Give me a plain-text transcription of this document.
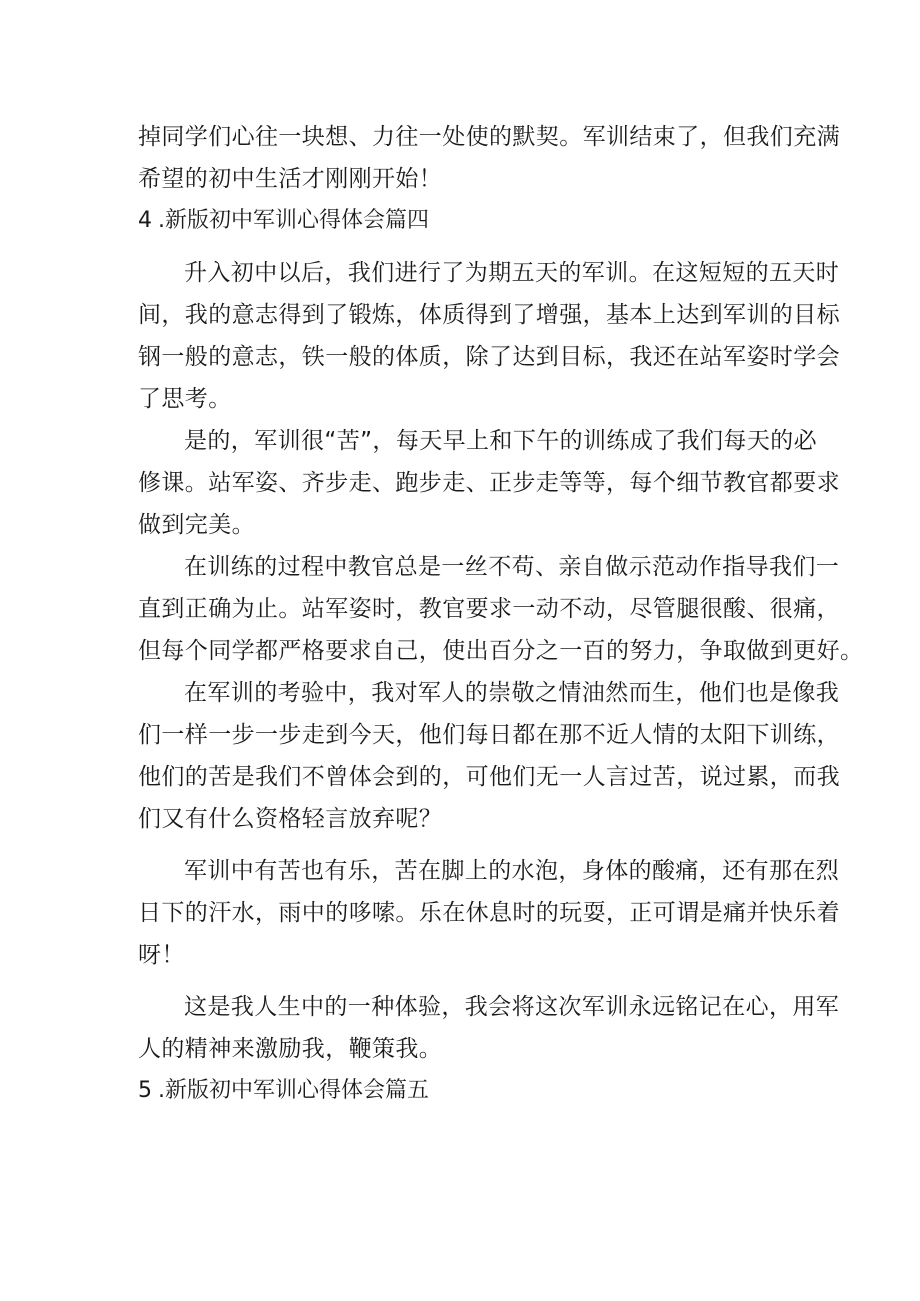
掉同学们心往一块想、力往一处使的默契。军训结束了，但我们充满

希望的初中生活才刚刚开始！

4 .新版初中军训心得体会篇四

升入初中以后，我们进行了为期五天的军训。在这短短的五天时

间，我的意志得到了锻炼，体质得到了增强，基本上达到军训的目标

钢一般的意志，铁一般的体质，除了达到目标，我还在站军姿时学会

了思考。

是的，军训很“苦”，每天早上和下午的训练成了我们每天的必

修课。站军姿、齐步走、跑步走、正步走等等，每个细节教官都要求

做到完美。

在训练的过程中教官总是一丝不苟、亲自做示范动作指导我们一

直到正确为止。站军姿时，教官要求一动不动，尽管腿很酸、很痛，

但每个同学都严格要求自己，使出百分之一百的努力，争取做到更好。

在军训的考验中，我对军人的崇敬之情油然而生，他们也是像我

们一样一步一步走到今天，他们每日都在那不近人情的太阳下训练，

他们的苦是我们不曾体会到的，可他们无一人言过苦，说过累，而我

们又有什么资格轻言放弃呢？

军训中有苦也有乐，苦在脚上的水泡，身体的酸痛，还有那在烈

日下的汗水，雨中的哆嗦。乐在休息时的玩耍，正可谓是痛并快乐着

呀！

这是我人生中的一种体验，我会将这次军训永远铭记在心，用军

人的精神来激励我，鞭策我。

5 .新版初中军训心得体会篇五
